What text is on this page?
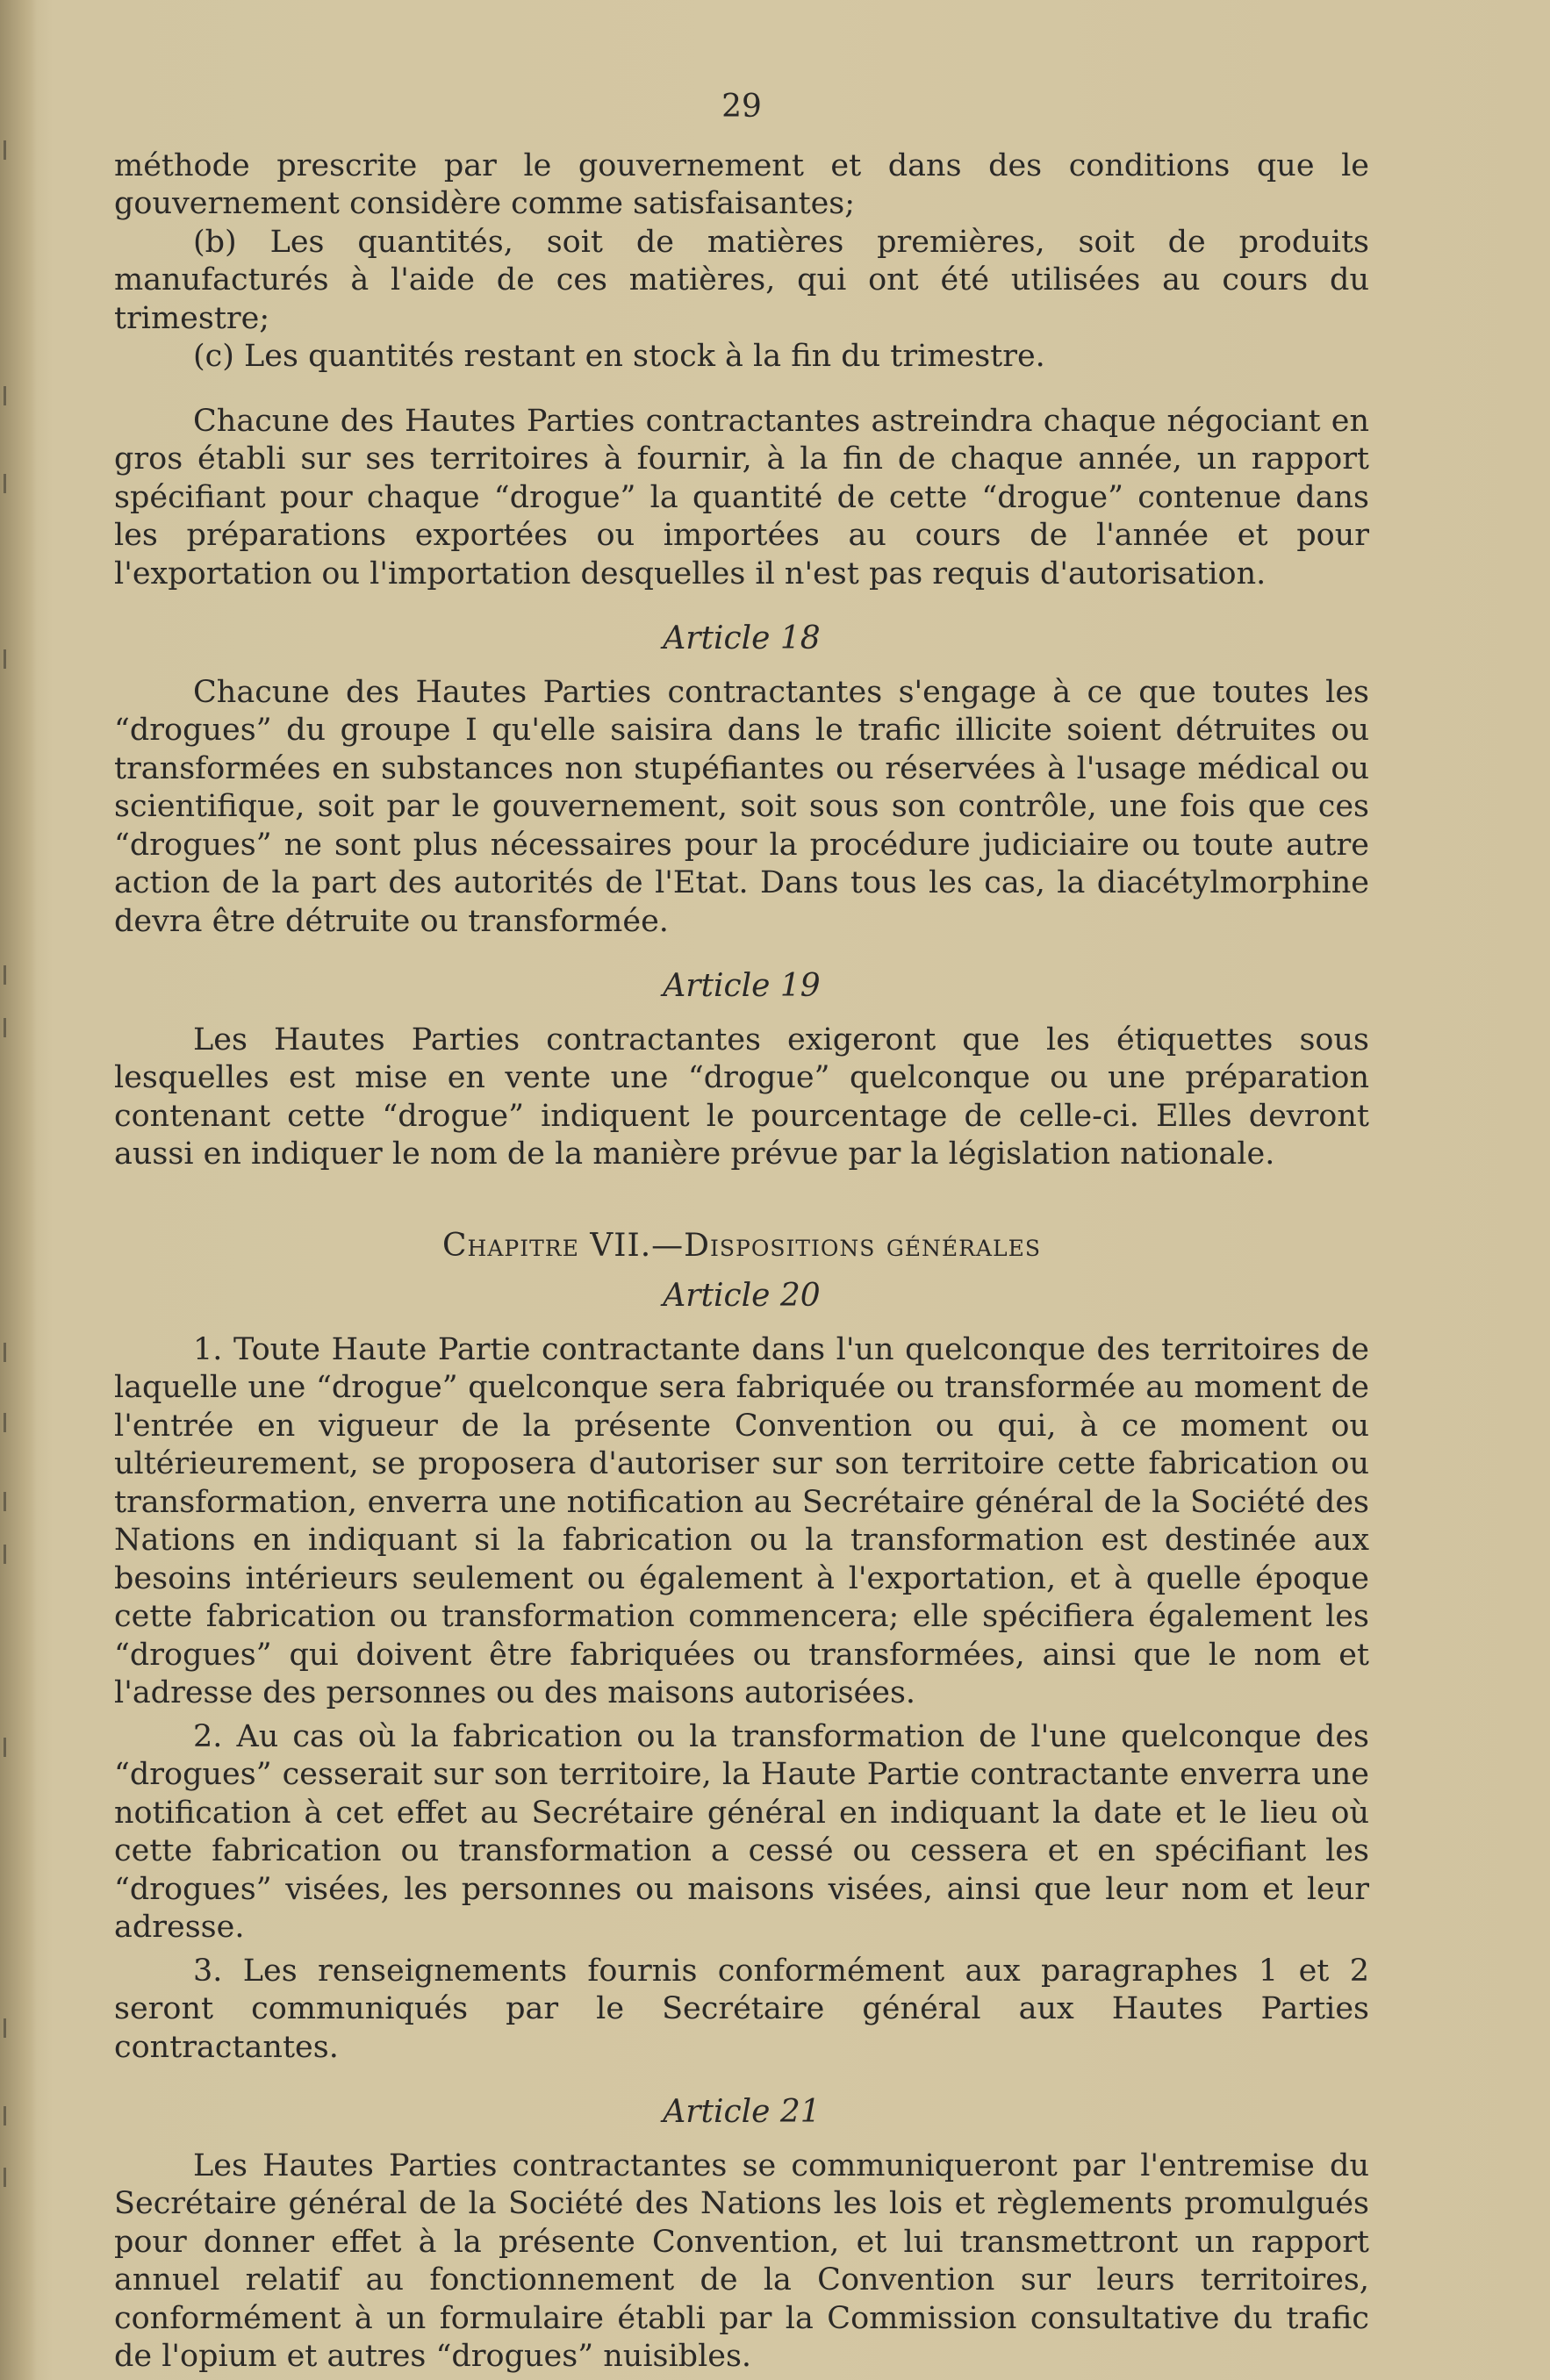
29

méthode prescrite par le gouvernement et dans des conditions que le gouvernement considère comme satisfaisantes;

(b) Les quantités, soit de matières premières, soit de produits manufacturés à l'aide de ces matières, qui ont été utilisées au cours du trimestre;

(c) Les quantités restant en stock à la fin du trimestre.

Chacune des Hautes Parties contractantes astreindra chaque négociant en gros établi sur ses territoires à fournir, à la fin de chaque année, un rapport spécifiant pour chaque “drogue” la quantité de cette “drogue” contenue dans les préparations exportées ou importées au cours de l'année et pour l'exportation ou l'importation desquelles il n'est pas requis d'autorisation.

Article 18

Chacune des Hautes Parties contractantes s'engage à ce que toutes les “drogues” du groupe I qu'elle saisira dans le trafic illicite soient détruites ou transformées en substances non stupéfiantes ou réservées à l'usage médical ou scientifique, soit par le gouvernement, soit sous son contrôle, une fois que ces “drogues” ne sont plus nécessaires pour la procédure judiciaire ou toute autre action de la part des autorités de l'Etat. Dans tous les cas, la diacétylmorphine devra être détruite ou transformée.

Article 19

Les Hautes Parties contractantes exigeront que les étiquettes sous lesquelles est mise en vente une “drogue” quelconque ou une préparation contenant cette “drogue” indiquent le pourcentage de celle-ci. Elles devront aussi en indiquer le nom de la manière prévue par la législation nationale.

Chapitre VII.—Dispositions générales
Article 20

1. Toute Haute Partie contractante dans l'un quelconque des territoires de laquelle une “drogue” quelconque sera fabriquée ou transformée au moment de l'entrée en vigueur de la présente Convention ou qui, à ce moment ou ultérieurement, se proposera d'autoriser sur son territoire cette fabrication ou transformation, enverra une notification au Secrétaire général de la Société des Nations en indiquant si la fabrication ou la transformation est destinée aux besoins intérieurs seulement ou également à l'exportation, et à quelle époque cette fabrication ou transformation commencera; elle spécifiera également les “drogues” qui doivent être fabriquées ou transformées, ainsi que le nom et l'adresse des personnes ou des maisons autorisées.

2. Au cas où la fabrication ou la transformation de l'une quelconque des “drogues” cesserait sur son territoire, la Haute Partie contractante enverra une notification à cet effet au Secrétaire général en indiquant la date et le lieu où cette fabrication ou transformation a cessé ou cessera et en spécifiant les “drogues” visées, les personnes ou maisons visées, ainsi que leur nom et leur adresse.

3. Les renseignements fournis conformément aux paragraphes 1 et 2 seront communiqués par le Secrétaire général aux Hautes Parties contractantes.

Article 21

Les Hautes Parties contractantes se communiqueront par l'entremise du Secrétaire général de la Société des Nations les lois et règlements promulgués pour donner effet à la présente Convention, et lui transmettront un rapport annuel relatif au fonctionnement de la Convention sur leurs territoires, conformément à un formulaire établi par la Commission consultative du trafic de l'opium et autres “drogues” nuisibles.
